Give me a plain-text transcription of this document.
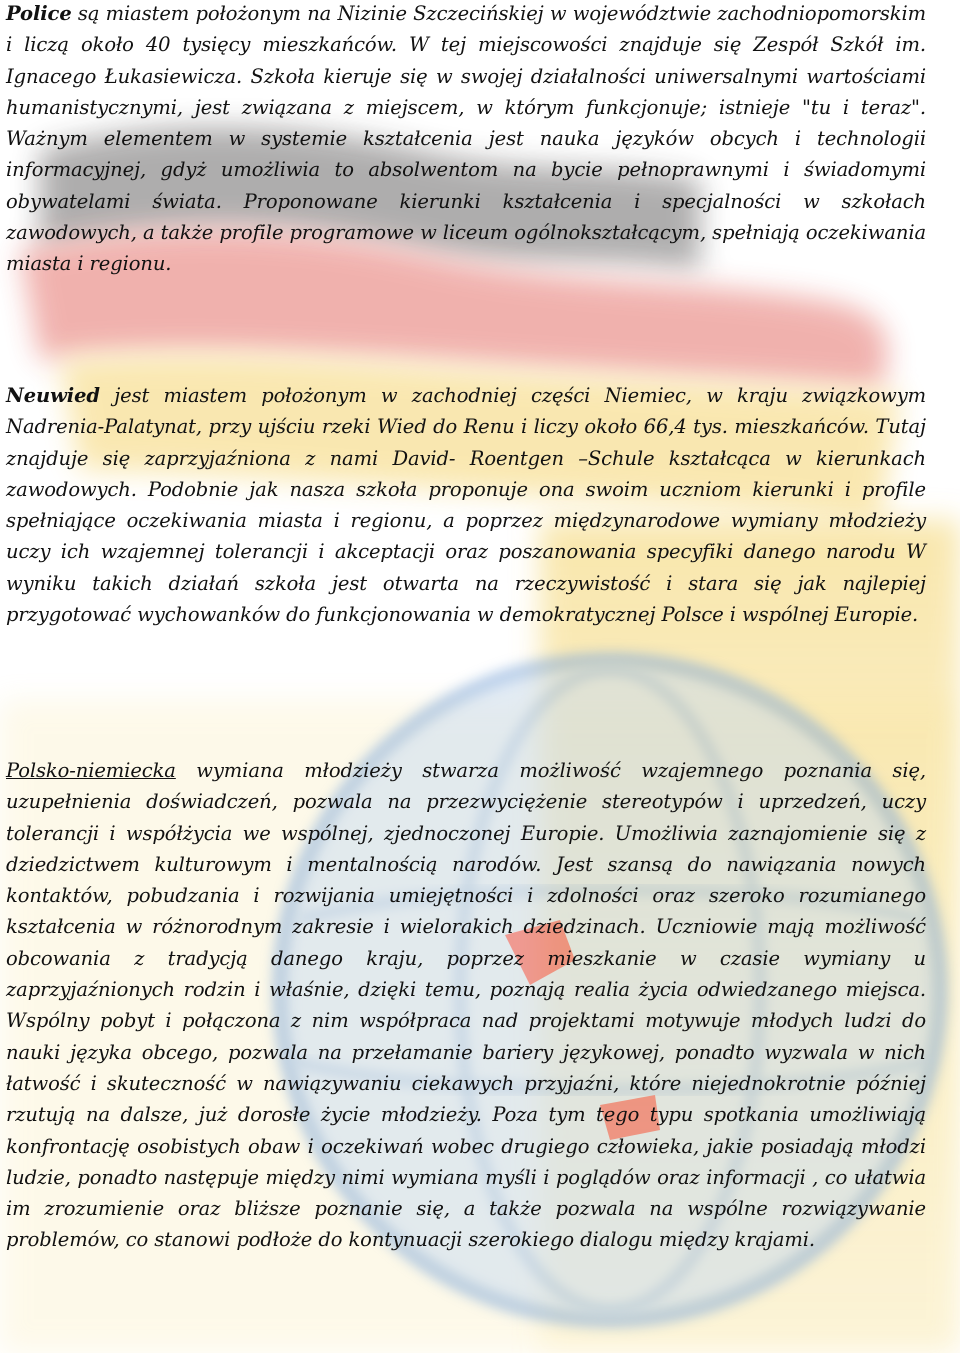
Police są miastem położonym na Nizinie Szczecińskiej w województwie zachodniopomorskim i liczą około 40 tysięcy mieszkańców. W tej miejscowości znajduje się Zespół Szkół im. Ignacego Łukasiewicza. Szkoła kieruje się w swojej działalności uniwersalnymi wartościami humanistycznymi, jest związana z miejscem, w którym funkcjonuje; istnieje "tu i teraz". Ważnym elementem w systemie kształcenia jest nauka języków obcych i technologii informacyjnej, gdyż umożliwia to absolwentom na bycie pełnoprawnymi i świadomymi obywatelami świata. Proponowane kierunki kształcenia i specjalności w szkołach zawodowych, a także profile programowe w liceum ogólnokształcącym, spełniają oczekiwania miasta i regionu.

Neuwied jest miastem położonym w zachodniej części Niemiec, w kraju związkowym Nadrenia-Palatynat, przy ujściu rzeki Wied do Renu i liczy około 66,4 tys. mieszkańców. Tutaj znajduje się zaprzyjaźniona z nami David- Roentgen –Schule kształcąca w kierunkach zawodowych. Podobnie jak nasza szkoła proponuje ona swoim uczniom kierunki i profile spełniające oczekiwania miasta i regionu, a poprzez międzynarodowe wymiany młodzieży uczy ich wzajemnej tolerancji i akceptacji oraz poszanowania specyfiki danego narodu W wyniku takich działań szkoła jest otwarta na rzeczywistość i stara się jak najlepiej przygotować wychowanków do funkcjonowania w demokratycznej Polsce i wspólnej Europie.

Polsko-niemiecka wymiana młodzieży stwarza możliwość wzajemnego poznania się, uzupełnienia doświadczeń, pozwala na przezwyciężenie stereotypów i uprzedzeń, uczy tolerancji i współżycia we wspólnej, zjednoczonej Europie. Umożliwia zaznajomienie się z dziedzictwem kulturowym i mentalnością narodów. Jest szansą do nawiązania nowych kontaktów, pobudzania i rozwijania umiejętności i zdolności oraz szeroko rozumianego kształcenia w różnorodnym zakresie i wielorakich dziedzinach. Uczniowie mają możliwość obcowania z tradycją danego kraju, poprzez mieszkanie w czasie wymiany u zaprzyjaźnionych rodzin i właśnie, dzięki temu, poznają realia życia odwiedzanego miejsca. Wspólny pobyt i połączona z nim współpraca nad projektami motywuje młodych ludzi do nauki języka obcego, pozwala na przełamanie bariery językowej, ponadto wyzwala w nich łatwość i skuteczność w nawiązywaniu ciekawych przyjaźni, które niejednokrotnie później rzutują na dalsze, już dorosłe życie młodzieży. Poza tym tego typu spotkania umożliwiają konfrontację osobistych obaw i oczekiwań wobec drugiego człowieka, jakie posiadają młodzi ludzie, ponadto następuje między nimi wymiana myśli i poglądów oraz informacji , co ułatwia im zrozumienie oraz bliższe poznanie się, a także pozwala na wspólne rozwiązywanie problemów, co stanowi podłoże do kontynuacji szerokiego dialogu między krajami.
